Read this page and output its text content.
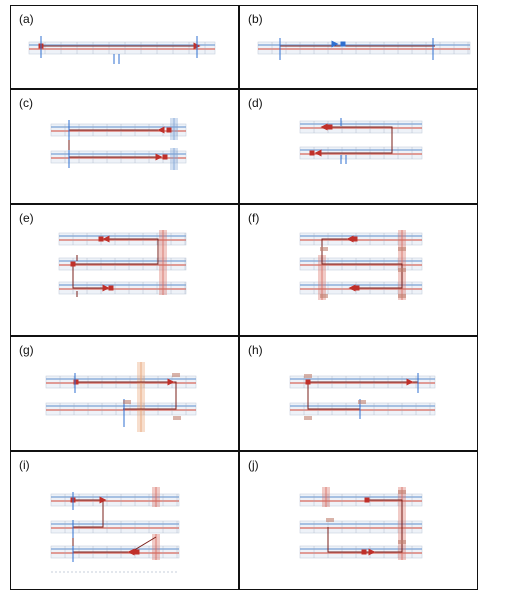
(a)	(b)
(c)	(d)
(e)	(f)
(g)	(h)
(i)	(j)
